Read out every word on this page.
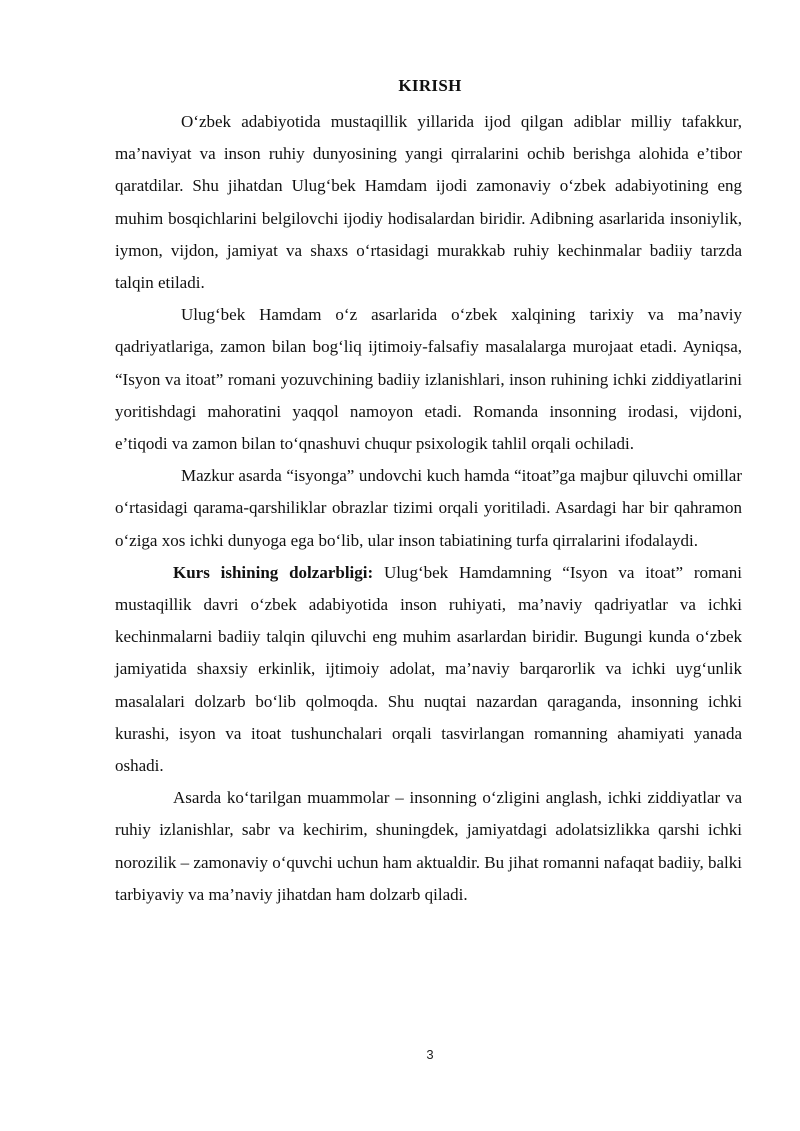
KIRISH

O‘zbek adabiyotida mustaqillik yillarida ijod qilgan adiblar milliy tafakkur, ma’naviyat va inson ruhiy dunyosining yangi qirralarini ochib berishga alohida e’tibor qaratdilar. Shu jihatdan Ulug‘bek Hamdam ijodi zamonaviy o‘zbek adabiyotining eng muhim bosqichlarini belgilovchi ijodiy hodisalardan biridir. Adibning asarlarida insoniylik, iymon, vijdon, jamiyat va shaxs o‘rtasidagi murakkab ruhiy kechinmalar badiiy tarzda talqin etiladi.

Ulug‘bek Hamdam o‘z asarlarida o‘zbek xalqining tarixiy va ma’naviy qadriyatlariga, zamon bilan bog‘liq ijtimoiy-falsafiy masalalarga murojaat etadi. Ayniqsa, “Isyon va itoat” romani yozuvchining badiiy izlanishlari, inson ruhining ichki ziddiyatlarini yoritishdagi mahoratini yaqqol namoyon etadi. Romanda insonning irodasi, vijdoni, e’tiqodi va zamon bilan to‘qnashuvi chuqur psixologik tahlil orqali ochiladi.

Mazkur asarda “isyonga” undovchi kuch hamda “itoat”ga majbur qiluvchi omillar o‘rtasidagi qarama-qarshiliklar obrazlar tizimi orqali yoritiladi. Asardagi har bir qahramon o‘ziga xos ichki dunyoga ega bo‘lib, ular inson tabiatining turfa qirralarini ifodalaydi.

Kurs ishining dolzarbligi: Ulug‘bek Hamdamning “Isyon va itoat” romani mustaqillik davri o‘zbek adabiyotida inson ruhiyati, ma’naviy qadriyatlar va ichki kechinmalarni badiiy talqin qiluvchi eng muhim asarlardan biridir. Bugungi kunda o‘zbek jamiyatida shaxsiy erkinlik, ijtimoiy adolat, ma’naviy barqarorlik va ichki uyg‘unlik masalalari dolzarb bo‘lib qolmoqda. Shu nuqtai nazardan qaraganda, insonning ichki kurashi, isyon va itoat tushunchalari orqali tasvirlangan romanning ahamiyati yanada oshadi.

Asarda ko‘tarilgan muammolar – insonning o‘zligini anglash, ichki ziddiyatlar va ruhiy izlanishlar, sabr va kechirim, shuningdek, jamiyatdagi adolatsizlikka qarshi ichki norozilik – zamonaviy o‘quvchi uchun ham aktualdir. Bu jihat romanni nafaqat badiiy, balki tarbiyaviy va ma’naviy jihatdan ham dolzarb qiladi.

3
